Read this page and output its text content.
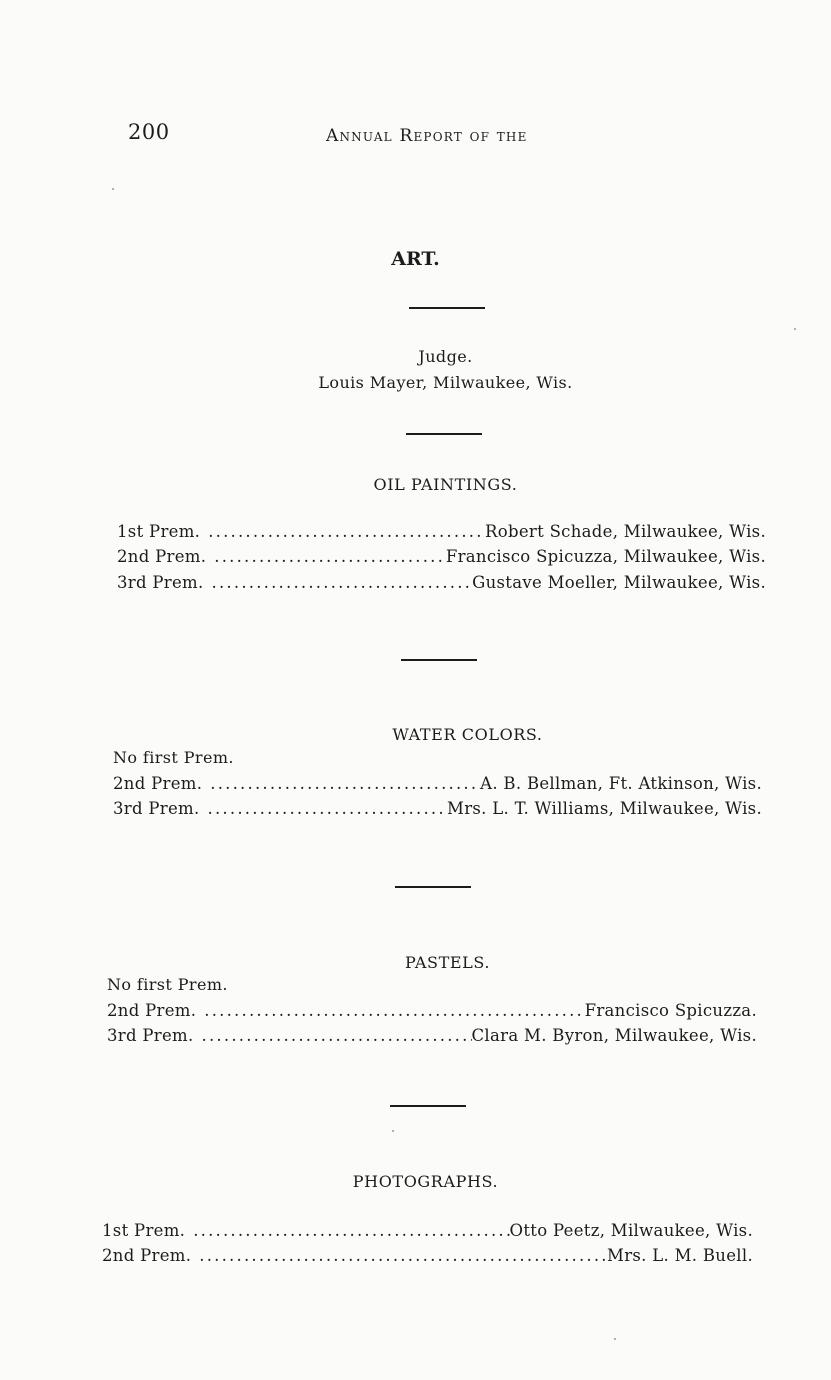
200	Annual Report of the
ART.
Judge.
Louis Mayer, Milwaukee, Wis.
OIL PAINTINGS.
1st Prem. .....	Robert Schade, Milwaukee, Wis.
2nd Prem. .....	Francisco Spicuzza, Milwaukee, Wis.
3rd Prem. .....	Gustave Moeller, Milwaukee, Wis.
WATER COLORS.
No first Prem.
2nd Prem. .....	A. B. Bellman, Ft. Atkinson, Wis.
3rd Prem. .....	Mrs. L. T. Williams, Milwaukee, Wis.
PASTELS.
No first Prem.
2nd Prem. .....	Francisco Spicuzza.
3rd Prem. .....	Clara M. Byron, Milwaukee, Wis.
PHOTOGRAPHS.
1st Prem. .....	Otto Peetz, Milwaukee, Wis.
2nd Prem. .....	Mrs. L. M. Buell.
